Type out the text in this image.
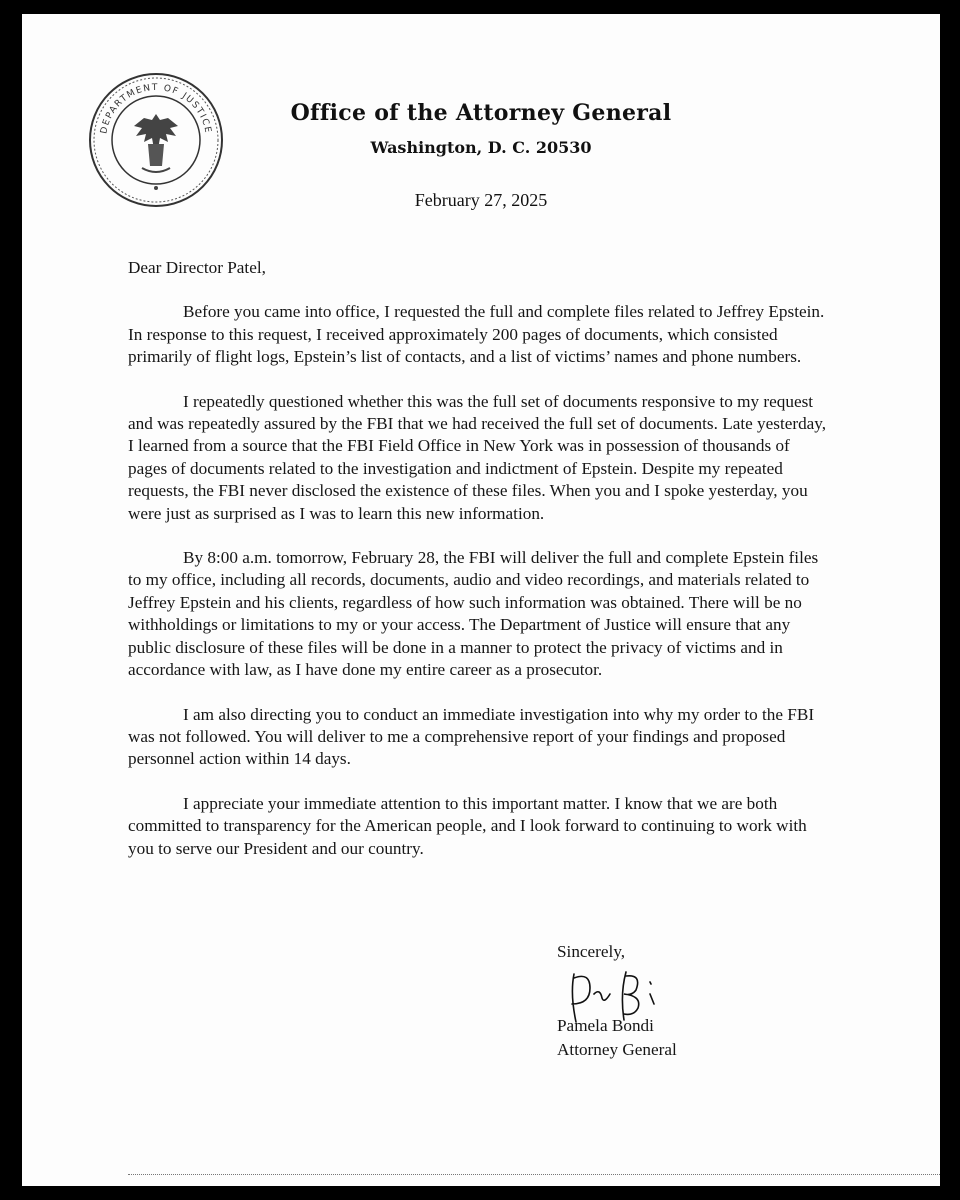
DEPARTMENT OF JUSTICE
Office of the Attorney General
Washington, D. C. 20530
February 27, 2025

Dear Director Patel,

Before you came into office, I requested the full and complete files related to Jeffrey Epstein. In response to this request, I received approximately 200 pages of documents, which consisted primarily of flight logs, Epstein’s list of contacts, and a list of victims’ names and phone numbers.

I repeatedly questioned whether this was the full set of documents responsive to my request and was repeatedly assured by the FBI that we had received the full set of documents. Late yesterday, I learned from a source that the FBI Field Office in New York was in possession of thousands of pages of documents related to the investigation and indictment of Epstein. Despite my repeated requests, the FBI never disclosed the existence of these files. When you and I spoke yesterday, you were just as surprised as I was to learn this new information.

By 8:00 a.m. tomorrow, February 28, the FBI will deliver the full and complete Epstein files to my office, including all records, documents, audio and video recordings, and materials related to Jeffrey Epstein and his clients, regardless of how such information was obtained. There will be no withholdings or limitations to my or your access. The Department of Justice will ensure that any public disclosure of these files will be done in a manner to protect the privacy of victims and in accordance with law, as I have done my entire career as a prosecutor.

I am also directing you to conduct an immediate investigation into why my order to the FBI was not followed. You will deliver to me a comprehensive report of your findings and proposed personnel action within 14 days.

I appreciate your immediate attention to this important matter. I know that we are both committed to transparency for the American people, and I look forward to continuing to work with you to serve our President and our country.

Sincerely,
Pamela Bondi
Attorney General
